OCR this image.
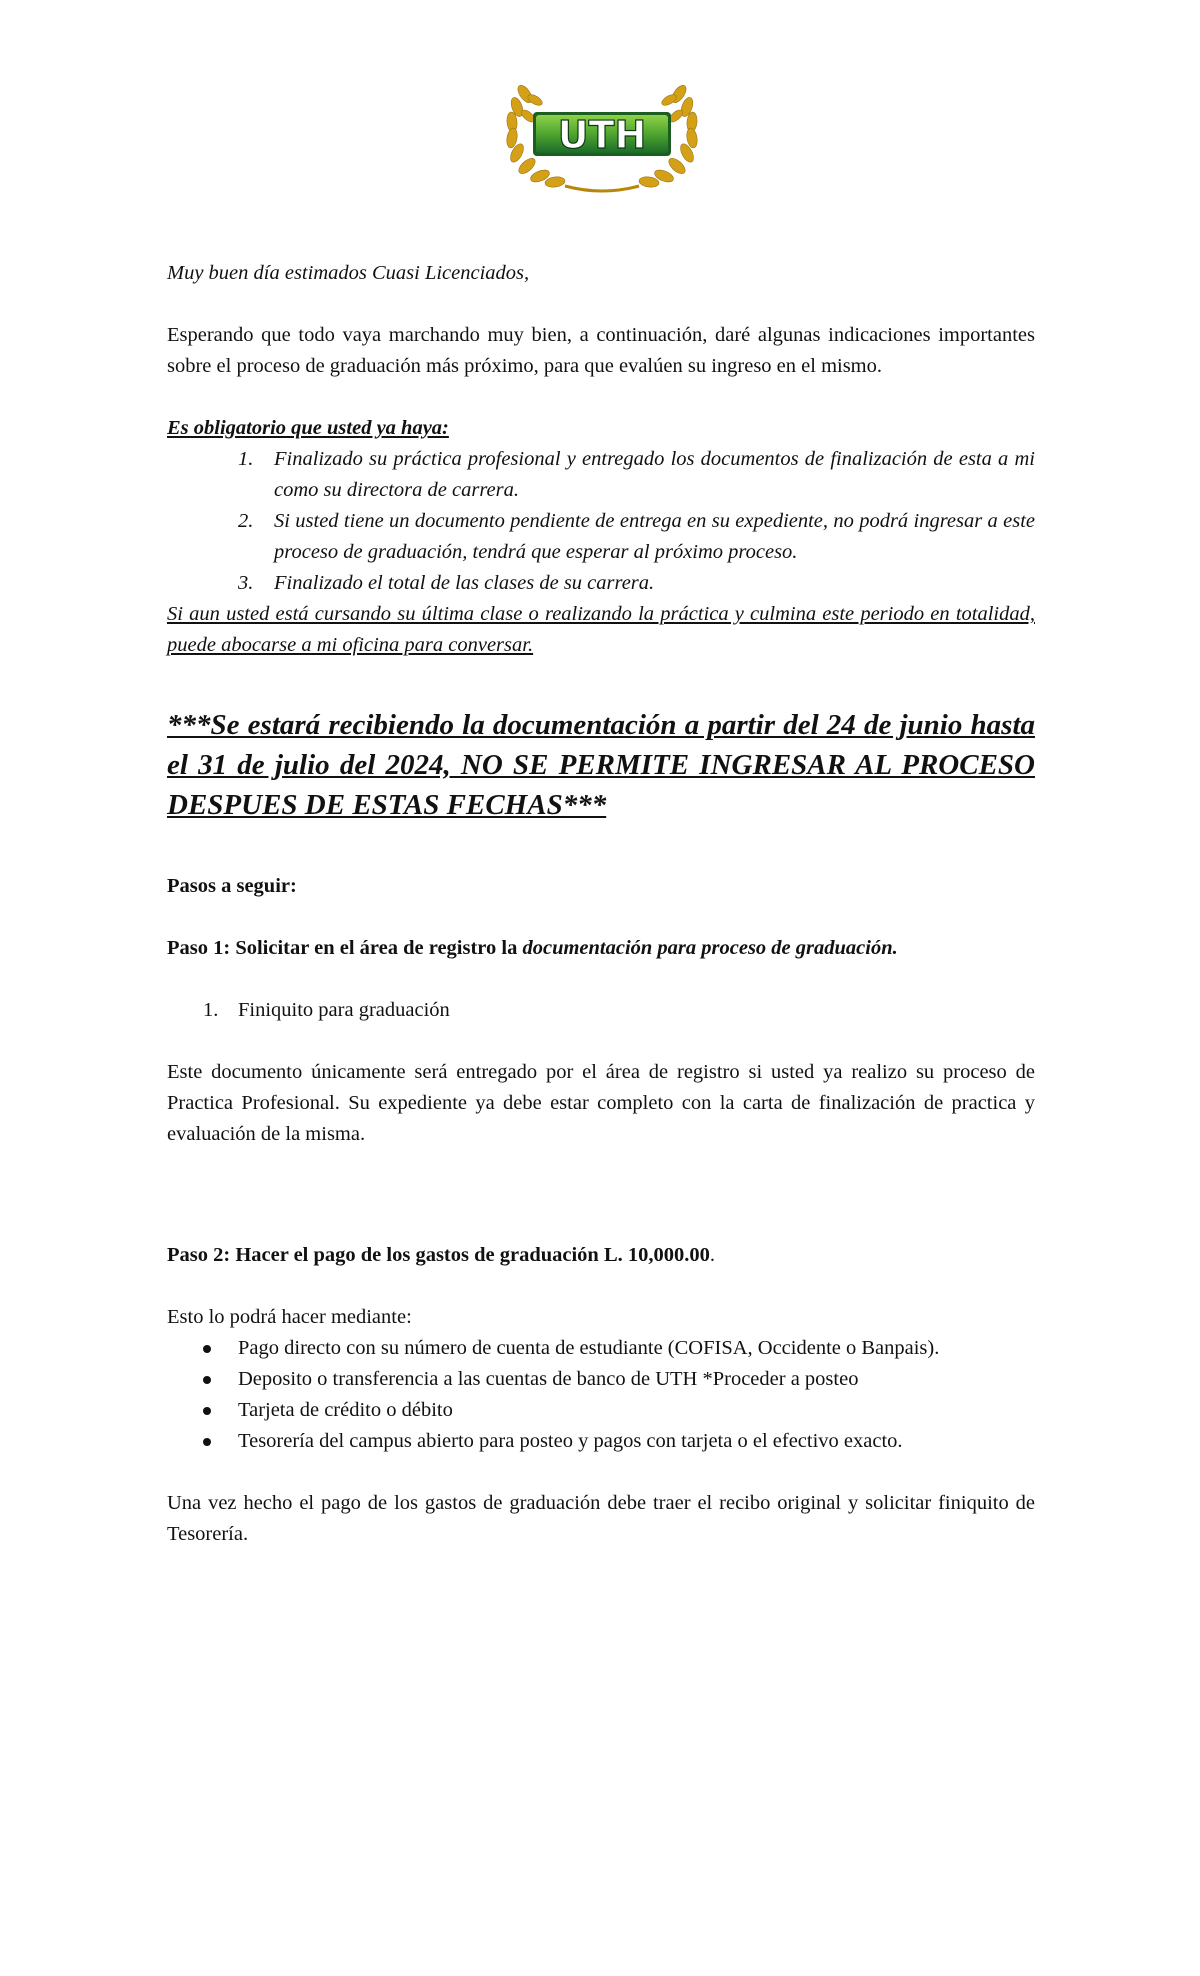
UTH

Muy buen día estimados Cuasi Licenciados,

Esperando que todo vaya marchando muy bien, a continuación, daré algunas indicaciones importantes sobre el proceso de graduación más próximo, para que evalúen su ingreso en el mismo.

Es obligatorio que usted ya haya:

1. Finalizado su práctica profesional y entregado los documentos de finalización de esta a mi como su directora de carrera.
2. Si usted tiene un documento pendiente de entrega en su expediente, no podrá ingresar a este proceso de graduación, tendrá que esperar al próximo proceso.
3. Finalizado el total de las clases de su carrera.

Si aun usted está cursando su última clase o realizando la práctica y culmina este periodo en totalidad, puede abocarse a mi oficina para conversar.

***Se estará recibiendo la documentación a partir del 24 de junio hasta el 31 de julio del 2024, NO SE PERMITE INGRESAR AL PROCESO DESPUES DE ESTAS FECHAS***

Pasos a seguir:

Paso 1: Solicitar en el área de registro la documentación para proceso de graduación.

1. Finiquito para graduación

Este documento únicamente será entregado por el área de registro si usted ya realizo su proceso de Practica Profesional. Su expediente ya debe estar completo con la carta de finalización de practica y evaluación de la misma.

Paso 2: Hacer el pago de los gastos de graduación L. 10,000.00.

Esto lo podrá hacer mediante:

Pago directo con su número de cuenta de estudiante (COFISA, Occidente o Banpais).
Deposito o transferencia a las cuentas de banco de UTH *Proceder a posteo
Tarjeta de crédito o débito
Tesorería del campus abierto para posteo y pagos con tarjeta o el efectivo exacto.

Una vez hecho el pago de los gastos de graduación debe traer el recibo original y solicitar finiquito de Tesorería.
